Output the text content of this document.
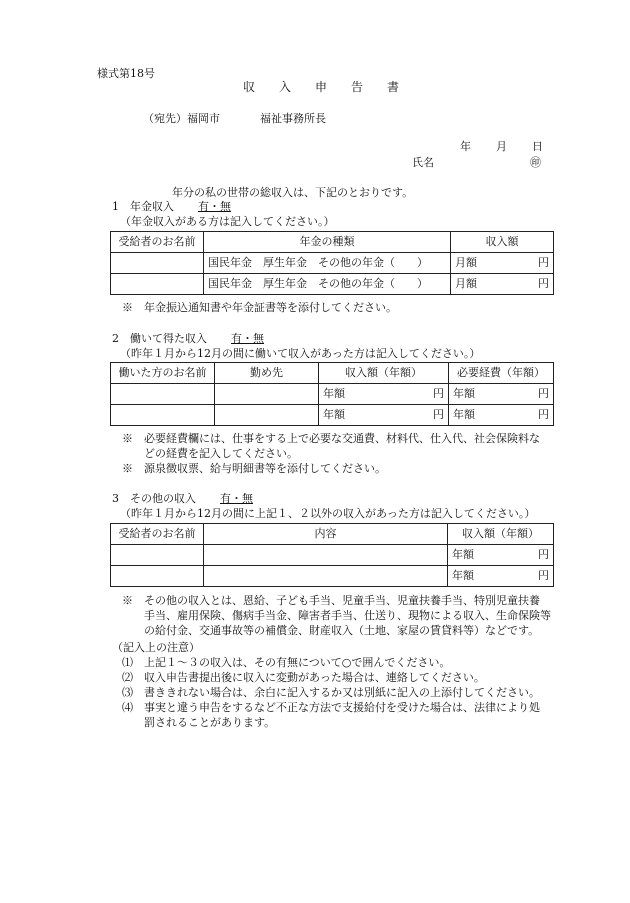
様式第18号
収　　入　　申　　告　　書
（宛先）福岡市	福祉事務所長
年 月 日
氏名	㊞
年分の私の世帯の総収入は、下記のとおりです。
1　年金収入 有・無
（年金収入がある方は記入してください。）
受給者のお名前	年金の種類	収入額
	国民年金　厚生年金　その他の年金（　　）	月額 円

	国民年金　厚生年金　その他の年金（　　）	月額 円
※　年金振込通知書や年金証書等を添付してください。
2　働いて得た収入 有・無
（昨年１月から12月の間に働いて収入があった方は記入してください。）
働いた方のお名前	勤め先	収入額（年額）	必要経費（年額）

		年額 円	年額 円

		年額 円	年額 円
※　必要経費欄には、仕事をする上で必要な交通費、材料代、仕入代、社会保険料な
　　どの経費を記入してください。
※　源泉徴収票、給与明細書等を添付してください。
3　その他の収入 有・無
（昨年１月から12月の間に上記１、２以外の収入があった方は記入してください。）
受給者のお名前	内容	収入額（年額）

		年額 円

		年額 円
※　その他の収入とは、恩給、子ども手当、児童手当、児童扶養手当、特別児童扶養
　　手当、雇用保険、傷病手当金、障害者手当、仕送り、現物による収入、生命保険等
　　の給付金、交通事故等の補償金、財産収入（土地、家屋の賃貸料等）などです。
（記入上の注意）
⑴　上記１～３の収入は、その有無について○で囲んでください。
⑵　収入申告書提出後に収入に変動があった場合は、連絡してください。
⑶　書ききれない場合は、余白に記入するか又は別紙に記入の上添付してください。
⑷　事実と違う申告をするなど不正な方法で支援給付を受けた場合は、法律により処
　　罰されることがあります。
